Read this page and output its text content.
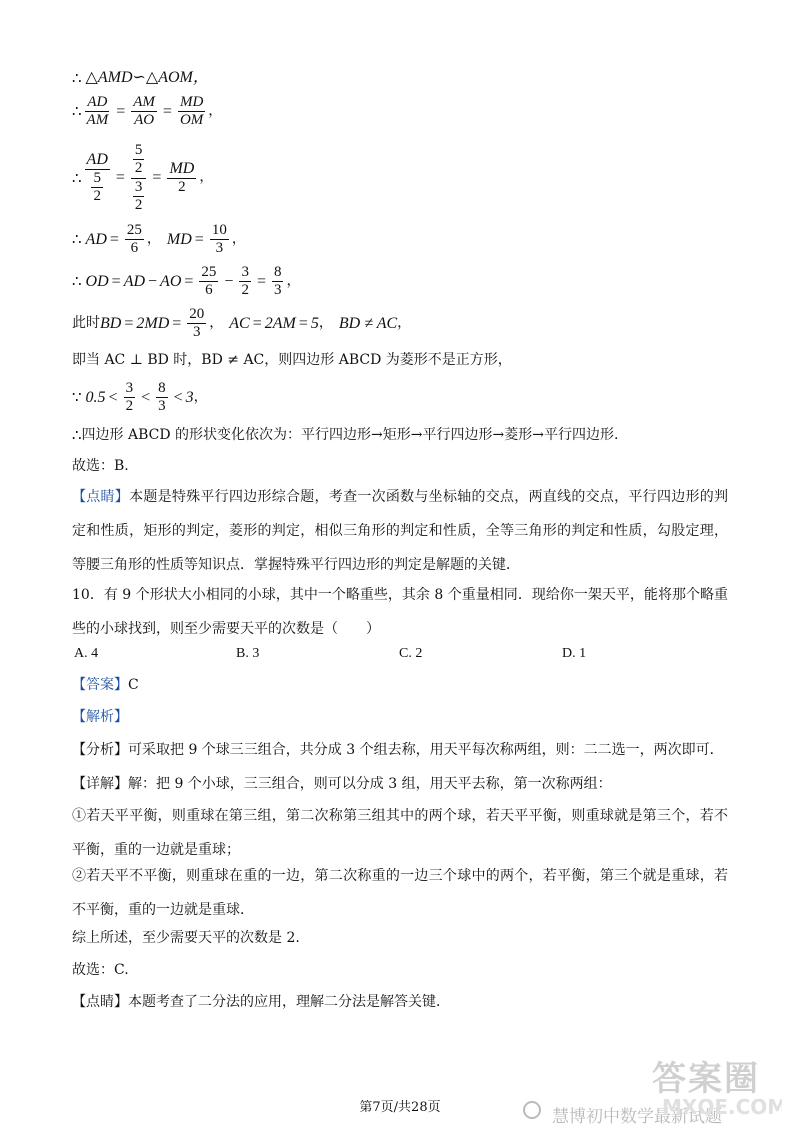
∴ △AMD∽△AOM，
∴ $\frac{AD}{AM} = \frac{AM}{AO} = \frac{MD}{OM}$ ，
∴ $\frac{AD}{\frac{5}{2}} = \frac{\frac{5}{2}}{\frac{3}{2}} = \frac{MD}{2}$ ，
∴ AD = $\frac{25}{6}$ ， MD = $\frac{10}{3}$ ，
∴ OD = AD − AO = $\frac{25}{6} - \frac{3}{2} = \frac{8}{3}$ ，
此时 BD = $2MD = \frac{20}{3}$ ， AC = 2AM = 5 ， BD ≠ AC ，
即当 AC ⊥ BD 时，BD ≠ AC，则四边形 ABCD 为菱形不是正方形，
∵ $0.5 < \frac{3}{2} < \frac{8}{3} < 3$ ，
∴ 四边形 ABCD 的形状变化依次为：平行四边形→矩形→平行四边形→菱形→平行四边形.
故选：B.
【点睛】本题是特殊平行四边形综合题，考查一次函数与坐标轴的交点，两直线的交点，平行四边形的判定和性质，矩形的判定，菱形的判定，相似三角形的判定和性质，全等三角形的判定和性质，勾股定理，等腰三角形的性质等知识点．掌握特殊平行四边形的判定是解题的关键．
10．有 9 个形状大小相同的小球，其中一个略重些，其余 8 个重量相同．现给你一架天平，能将那个略重些的小球找到，则至少需要天平的次数是（　　）
A. 4	B. 3	C. 2	D. 1
【答案】 C
【解析】
【分析】可采取把 9 个球三三组合，共分成 3 个组去称，用天平每次称两组，则：二二选一，两次即可．
【详解】解：把 9 个小球，三三组合，则可以分成 3 组，用天平去称，第一次称两组：
①若天平平衡，则重球在第三组，第二次称第三组其中的两个球，若天平平衡，则重球就是第三个，若不平衡，重的一边就是重球；
②若天平不平衡，则重球在重的一边，第二次称重的一边三个球中的两个，若平衡，第三个就是重球，若不平衡，重的一边就是重球．
综上所述，至少需要天平的次数是 2.
故选：C.
【点睛】本题考查了二分法的应用，理解二分法是解答关键．
答案圈
慧博初中数学最新试题
MXQE.COM
第7页/共28页
